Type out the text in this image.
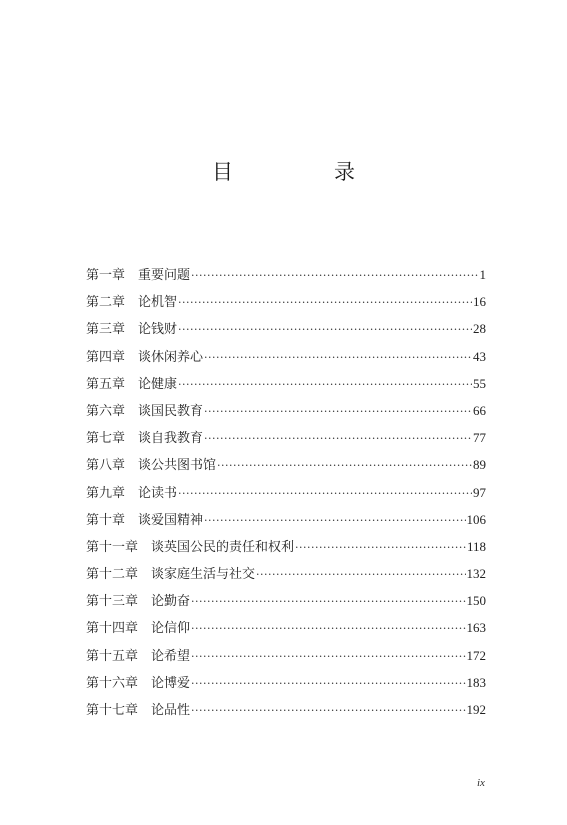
目　录
第一章 重要问题 ·····	1
第二章 论机智 ·····	16
第三章 论钱财 ·····	28
第四章 谈休闲养心 ·····	43
第五章 论健康 ·····	55
第六章 谈国民教育 ·····	66
第七章 谈自我教育 ·····	77
第八章 谈公共图书馆 ·····	89
第九章 论读书 ·····	97
第十章 谈爱国精神 ·····	106
第十一章 谈英国公民的责任和权利 ·····	118
第十二章 谈家庭生活与社交 ·····	132
第十三章 论勤奋 ·····	150
第十四章 论信仰 ·····	163
第十五章 论希望 ·····	172
第十六章 论博爱 ·····	183
第十七章 论品性 ·····	192
ix
